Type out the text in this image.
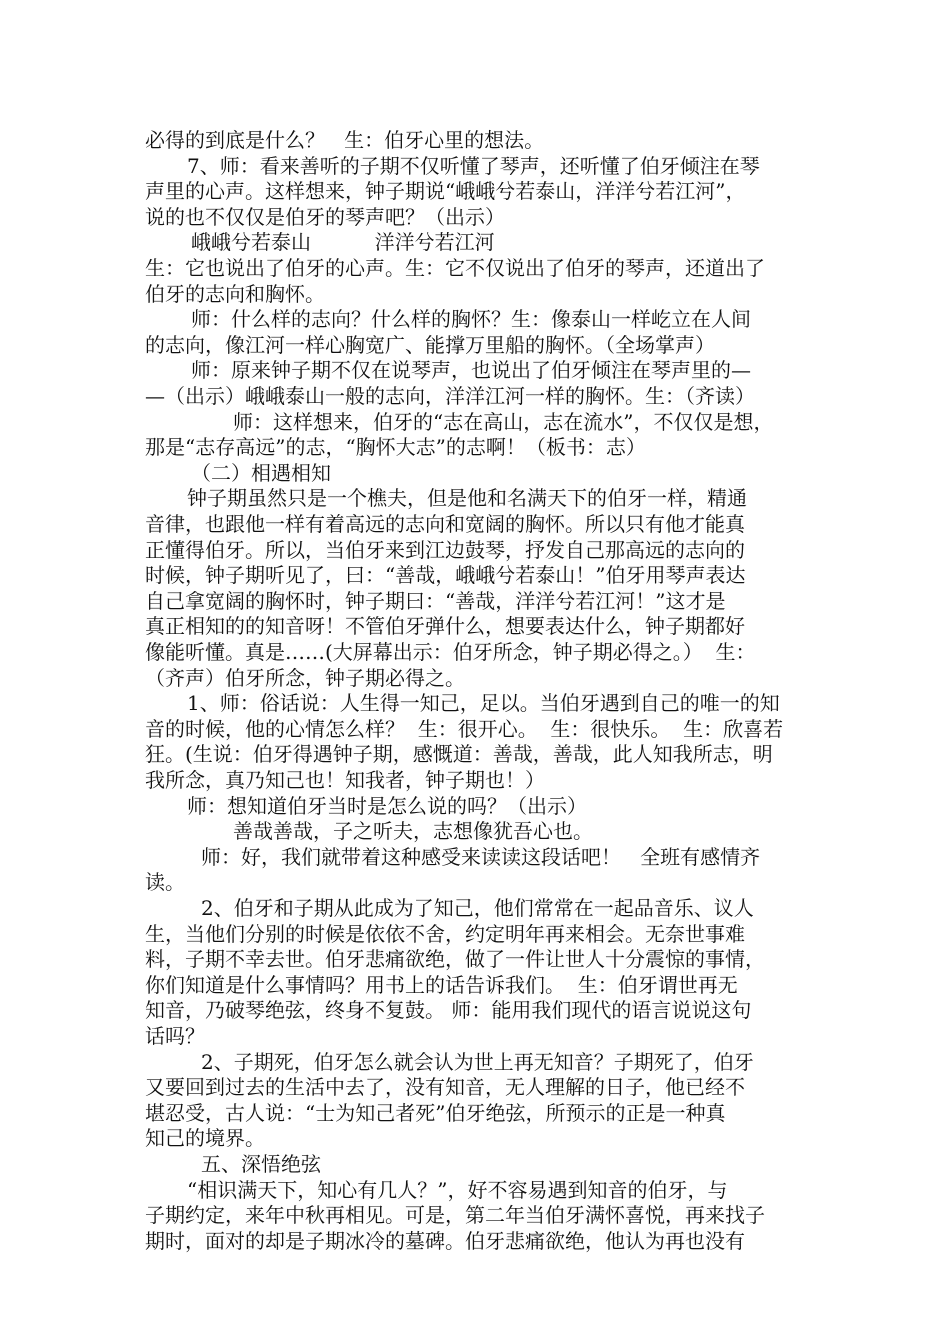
必得的到底是什么？   生：伯牙心里的想法。
7、师：看来善听的子期不仅听懂了琴声，还听懂了伯牙倾注在琴
声里的心声。这样想来，钟子期说“峨峨兮若泰山，洋洋兮若江河”，
说的也不仅仅是伯牙的琴声吧？（出示）
峨峨兮若泰山          洋洋兮若江河
生：它也说出了伯牙的心声。生：它不仅说出了伯牙的琴声，还道出了
伯牙的志向和胸怀。
师：什么样的志向？什么样的胸怀？生：像泰山一样屹立在人间
的志向，像江河一样心胸宽广、能撑万里船的胸怀。（全场掌声）
师：原来钟子期不仅在说琴声，也说出了伯牙倾注在琴声里的—
—（出示）峨峨泰山一般的志向，洋洋江河一样的胸怀。生：（齐读）
师：这样想来，伯牙的“志在高山，志在流水”，不仅仅是想，
那是“志存高远”的志，“胸怀大志”的志啊！（板书：志）
（二）相遇相知
钟子期虽然只是一个樵夫，但是他和名满天下的伯牙一样，精通
音律，也跟他一样有着高远的志向和宽阔的胸怀。所以只有他才能真
正懂得伯牙。所以，当伯牙来到江边鼓琴，抒发自己那高远的志向的
时候，钟子期听见了，曰：“善哉，峨峨兮若泰山！”伯牙用琴声表达
自己拿宽阔的胸怀时，钟子期曰：“善哉，洋洋兮若江河！”这才是
真正相知的的知音呀！不管伯牙弹什么，想要表达什么，钟子期都好
像能听懂。真是……(大屏幕出示：伯牙所念，钟子期必得之。）  生：
（齐声）伯牙所念，钟子期必得之。
1、师：俗话说：人生得一知己，足以。当伯牙遇到自己的唯一的知
音的时候，他的心情怎么样？  生：很开心。  生：很快乐。  生：欣喜若
狂。(生说：伯牙得遇钟子期，感慨道：善哉，善哉，此人知我所志，明
我所念，真乃知己也！知我者，钟子期也！）
师：想知道伯牙当时是怎么说的吗？（出示）
善哉善哉，子之听夫，志想像犹吾心也。
师：好，我们就带着这种感受来读读这段话吧！   全班有感情齐
读。
2、伯牙和子期从此成为了知己，他们常常在一起品音乐、议人
生，当他们分别的时候是依依不舍，约定明年再来相会。无奈世事难
料，子期不幸去世。伯牙悲痛欲绝，做了一件让世人十分震惊的事情，
你们知道是什么事情吗？用书上的话告诉我们。  生：伯牙谓世再无
知音，乃破琴绝弦，终身不复鼓。 师：能用我们现代的语言说说这句
话吗？
2、子期死，伯牙怎么就会认为世上再无知音？子期死了，伯牙
又要回到过去的生活中去了，没有知音，无人理解的日子，他已经不
堪忍受，古人说：“士为知己者死”伯牙绝弦，所预示的正是一种真
知己的境界。
五、深悟绝弦
“相识满天下，知心有几人？”，好不容易遇到知音的伯牙，与
子期约定，来年中秋再相见。可是，第二年当伯牙满怀喜悦，再来找子
期时，面对的却是子期冰冷的墓碑。伯牙悲痛欲绝，他认为再也没有
